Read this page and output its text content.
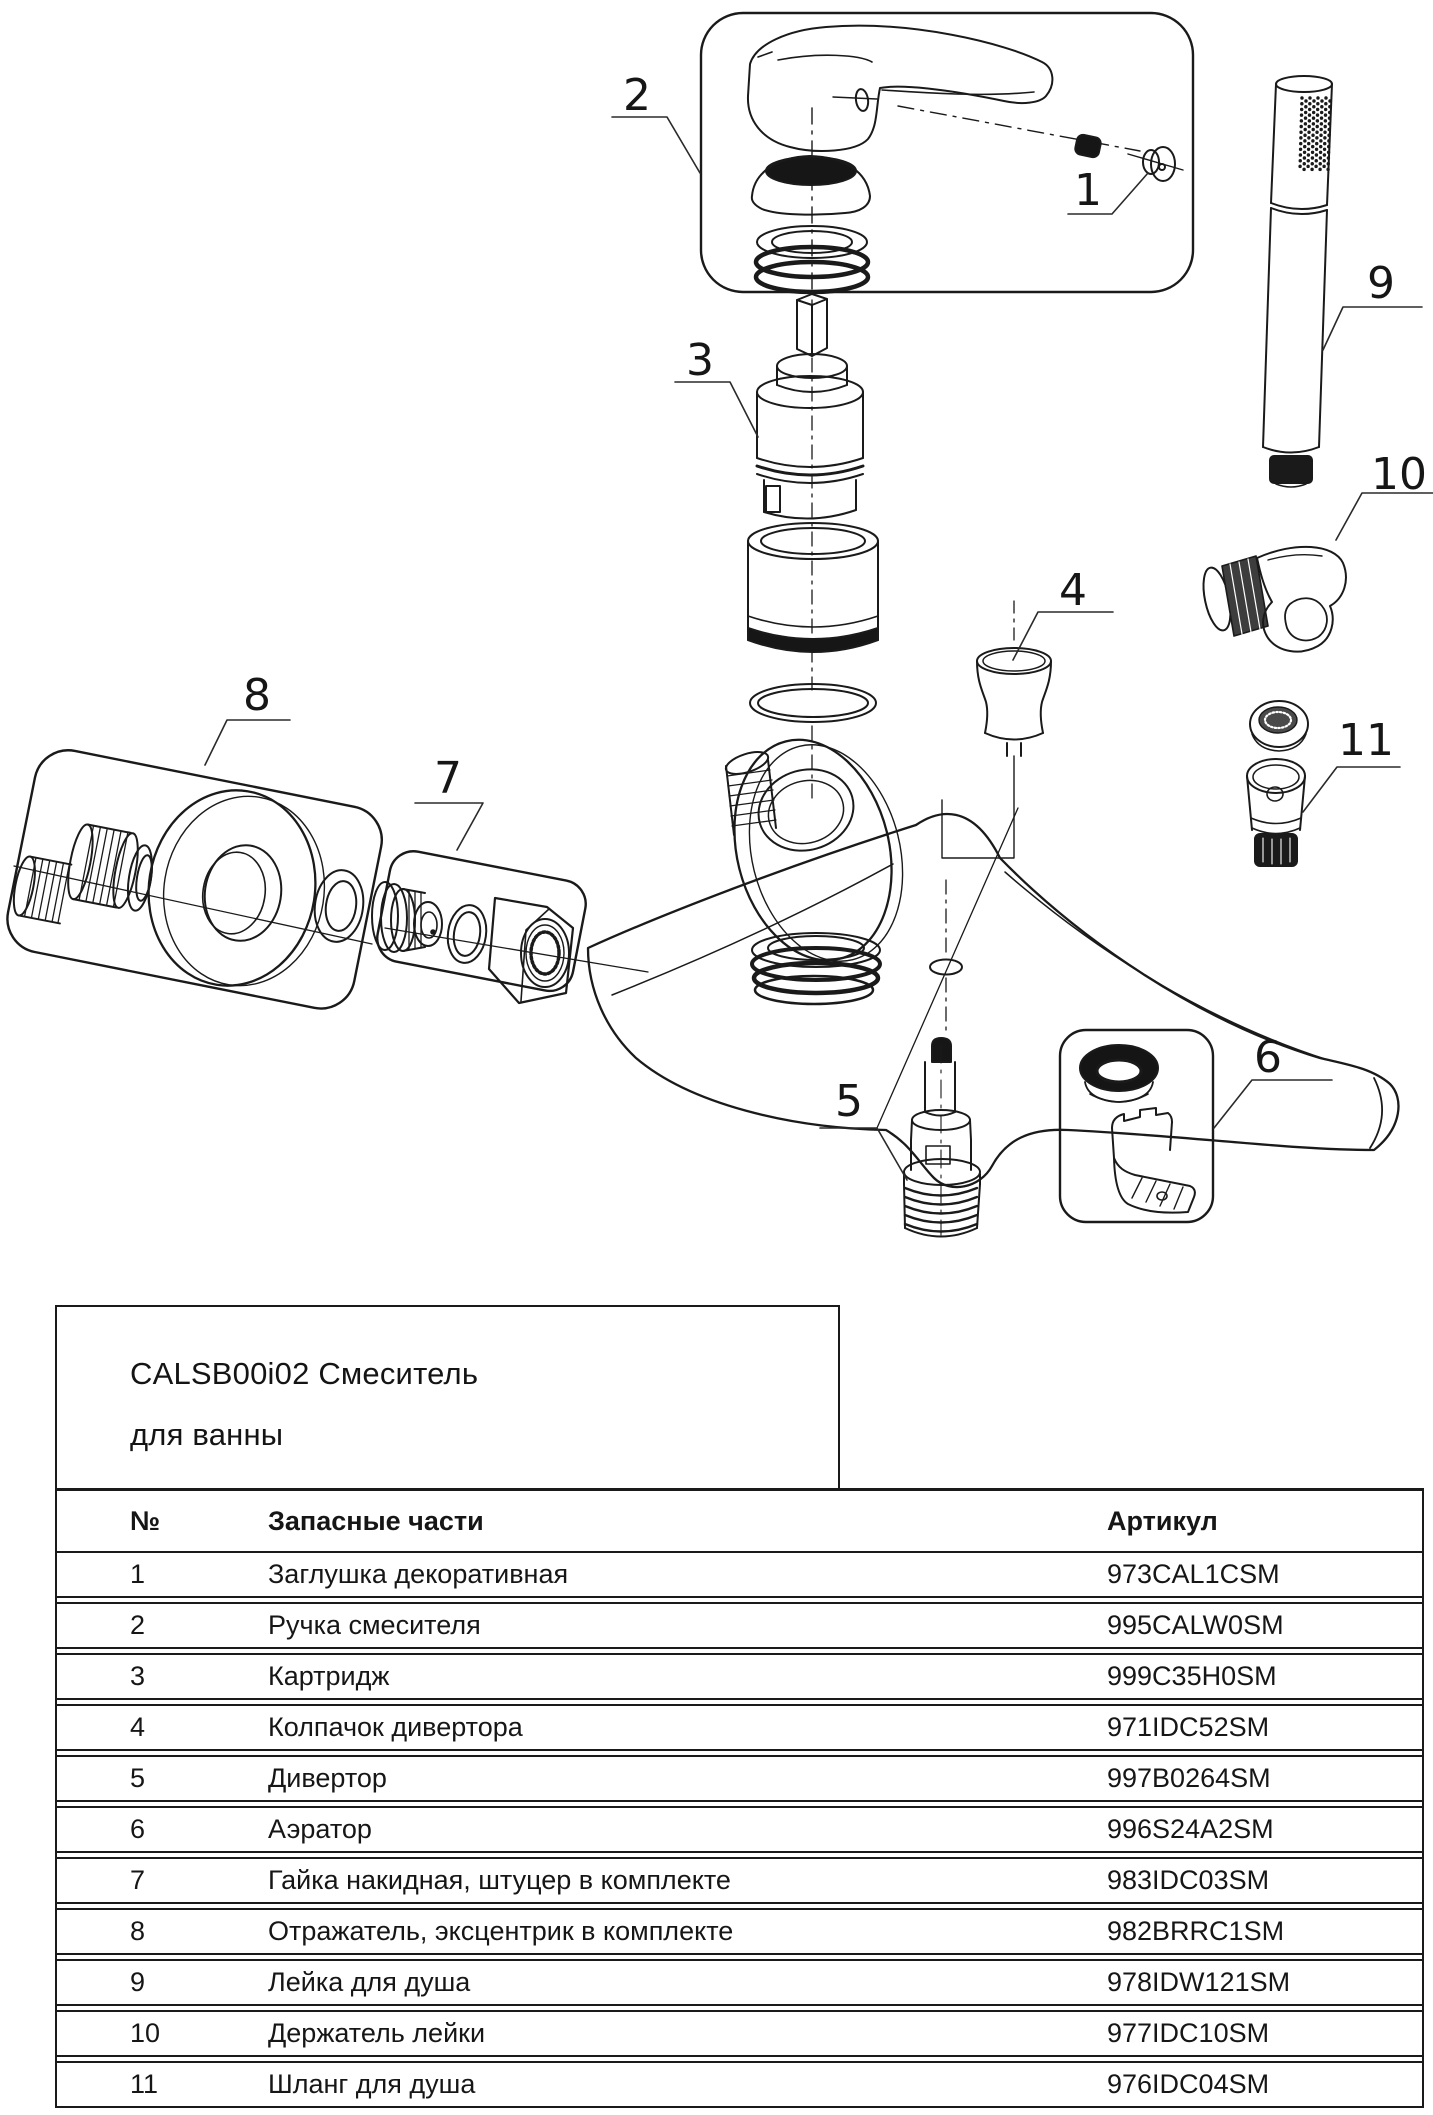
1
2
3
4
5
6
7
8
9
10
11
CALSB00i02 Смеситель
для ванны
№	Запасные части	Артикул
1	Заглушка декоративная	973CAL1CSM
2	Ручка смесителя	995CALW0SM
3	Картридж	999C35H0SM
4	Колпачок дивертора	971IDC52SM
5	Дивертор	997B0264SM
6	Аэратор	996S24A2SM
7	Гайка накидная, штуцер в комплекте	983IDC03SM
8	Отражатель, эксцентрик в комплекте	982BRRC1SM
9	Лейка для душа	978IDW121SM
10	Держатель лейки	977IDC10SM
11	Шланг для душа	976IDC04SM
